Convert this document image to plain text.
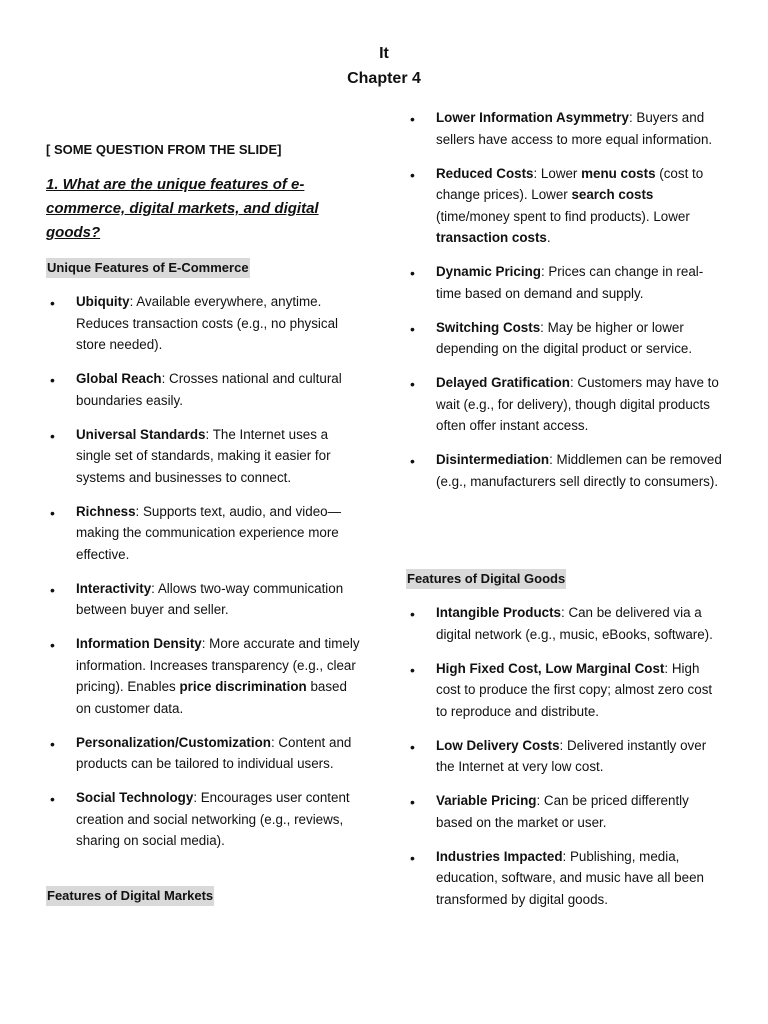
It
Chapter 4
[ SOME QUESTION FROM THE SLIDE]
1. What are the unique features of e-commerce, digital markets, and digital goods?
Unique Features of E-Commerce
• Ubiquity: Available everywhere, anytime. Reduces transaction costs (e.g., no physical store needed).
• Global Reach: Crosses national and cultural boundaries easily.
• Universal Standards: The Internet uses a single set of standards, making it easier for systems and businesses to connect.
• Richness: Supports text, audio, and video—making the communication experience more effective.
• Interactivity: Allows two-way communication between buyer and seller.
• Information Density: More accurate and timely information. Increases transparency (e.g., clear pricing). Enables price discrimination based on customer data.
• Personalization/Customization: Content and products can be tailored to individual users.
• Social Technology: Encourages user content creation and social networking (e.g., reviews, sharing on social media).
Features of Digital Markets
• Lower Information Asymmetry: Buyers and sellers have access to more equal information.
• Reduced Costs: Lower menu costs (cost to change prices). Lower search costs (time/money spent to find products). Lower transaction costs.
• Dynamic Pricing: Prices can change in real-time based on demand and supply.
• Switching Costs: May be higher or lower depending on the digital product or service.
• Delayed Gratification: Customers may have to wait (e.g., for delivery), though digital products often offer instant access.
• Disintermediation: Middlemen can be removed (e.g., manufacturers sell directly to consumers).
Features of Digital Goods
• Intangible Products: Can be delivered via a digital network (e.g., music, eBooks, software).
• High Fixed Cost, Low Marginal Cost: High cost to produce the first copy; almost zero cost to reproduce and distribute.
• Low Delivery Costs: Delivered instantly over the Internet at very low cost.
• Variable Pricing: Can be priced differently based on the market or user.
• Industries Impacted: Publishing, media, education, software, and music have all been transformed by digital goods.
